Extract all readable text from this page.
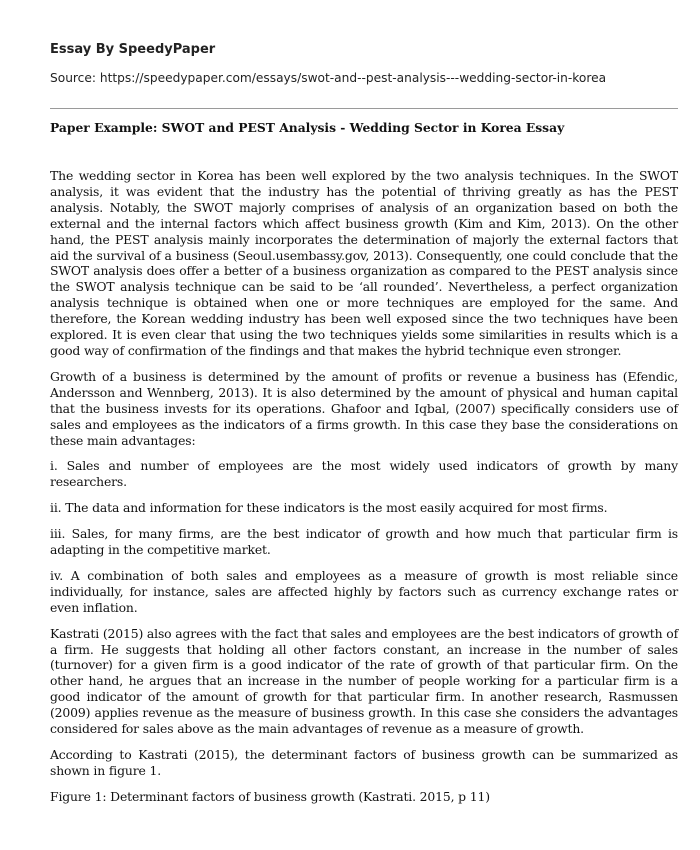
Essay By SpeedyPaper
Source: https://speedypaper.com/essays/swot-and--pest-analysis---wedding-sector-in-korea
Paper Example: SWOT and PEST Analysis - Wedding Sector in Korea Essay

The wedding sector in Korea has been well explored by the two analysis techniques. In the SWOT analysis, it was evident that the industry has the potential of thriving greatly as has the PEST analysis. Notably, the SWOT majorly comprises of analysis of an organization based on both the external and the internal factors which affect business growth (Kim and Kim, 2013). On the other hand, the PEST analysis mainly incorporates the determination of majorly the external factors that aid the survival of a business (Seoul.usembassy.gov, 2013). Consequently, one could conclude that the SWOT analysis does offer a better of a business organization as compared to the PEST analysis since the SWOT analysis technique can be said to be ‘all rounded’. Nevertheless, a perfect organization analysis technique is obtained when one or more techniques are employed for the same. And therefore, the Korean wedding industry has been well exposed since the two techniques have been explored. It is even clear that using the two techniques yields some similarities in results which is a good way of confirmation of the findings and that makes the hybrid technique even stronger.

Growth of a business is determined by the amount of profits or revenue a business has (Efendic, Andersson and Wennberg, 2013). It is also determined by the amount of physical and human capital that the business invests for its operations. Ghafoor and Iqbal, (2007) specifically considers use of sales and employees as the indicators of a firms growth. In this case they base the considerations on these main advantages:

i. Sales and number of employees are the most widely used indicators of growth by many researchers.

ii. The data and information for these indicators is the most easily acquired for most firms.

iii. Sales, for many firms, are the best indicator of growth and how much that particular firm is adapting in the competitive market.

iv. A combination of both sales and employees as a measure of growth is most reliable since individually, for instance, sales are affected highly by factors such as currency exchange rates or even inflation.

Kastrati (2015) also agrees with the fact that sales and employees are the best indicators of growth of a firm. He suggests that holding all other factors constant, an increase in the number of sales (turnover) for a given firm is a good indicator of the rate of growth of that particular firm. On the other hand, he argues that an increase in the number of people working for a particular firm is a good indicator of the amount of growth for that particular firm. In another research, Rasmussen (2009) applies revenue as the measure of business growth. In this case she considers the advantages considered for sales above as the main advantages of revenue as a measure of growth.

According to Kastrati (2015), the determinant factors of business growth can be summarized as shown in figure 1.

Figure 1: Determinant factors of business growth (Kastrati. 2015, p 11)
